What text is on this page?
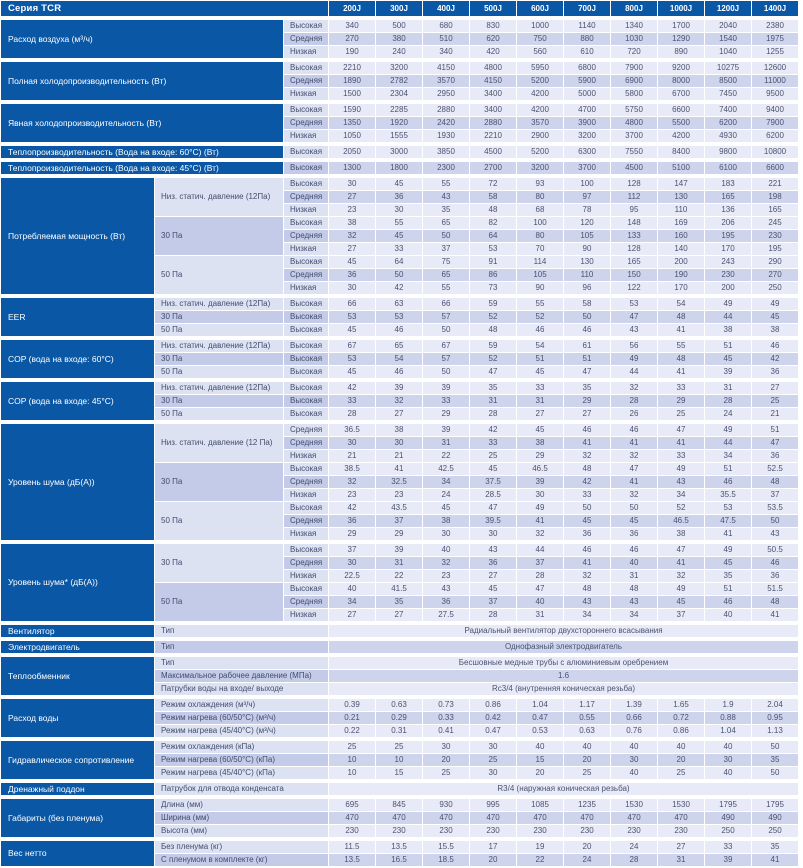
Серия TCR			200J	300J	400J	500J	600J	700J	800J	1000J	1200J	1400J

Расход воздуха (м³/ч)		Высокая	340	500	680	830	1000	1140	1340	1700	2040	2380
		Средняя	270	380	510	620	750	880	1030	1290	1540	1975
		Низкая	190	240	340	420	560	610	720	890	1040	1255

Полная холодопроизводительность (Вт)		Высокая	2210	3200	4150	4800	5950	6800	7900	9200	10275	12600
		Средняя	1890	2782	3570	4150	5200	5900	6900	8000	8500	11000
		Низкая	1500	2304	2950	3400	4200	5000	5800	6700	7450	9500

Явная холодопроизводительность (Вт)		Высокая	1590	2285	2880	3400	4200	4700	5750	6600	7400	9400
		Средняя	1350	1920	2420	2880	3570	3900	4800	5500	6200	7900
		Низкая	1050	1555	1930	2210	2900	3200	3700	4200	4930	6200

Теплопроизводительность (Вода на входе: 60°С) (Вт)		Высокая	2050	3000	3850	4500	5200	6300	7550	8400	9800	10800

Теплопроизводительность (Вода на входе: 45°С) (Вт)		Высокая	1300	1800	2300	2700	3200	3700	4500	5100	6100	6600

Потребляемая мощность (Вт)	Низ. статич. давление (12Па)	Высокая	30	45	55	72	93	100	128	147	183	221
		Средняя	27	36	43	58	80	97	112	130	165	198
		Низкая	23	30	35	48	68	78	95	110	136	165
	30 Па	Высокая	38	55	65	82	100	120	148	169	206	245
		Средняя	32	45	50	64	80	105	133	160	195	230
		Низкая	27	33	37	53	70	90	128	140	170	195
	50 Па	Высокая	45	64	75	91	114	130	165	200	243	290
		Средняя	36	50	65	86	105	110	150	190	230	270
		Низкая	30	42	55	73	90	96	122	170	200	250

EER	Низ. статич. давление (12Па)	Высокая	66	63	66	59	55	58	53	54	49	49
	30 Па	Высокая	53	53	57	52	52	50	47	48	44	45
	50 Па	Высокая	45	46	50	48	46	46	43	41	38	38

COP (вода на входе: 60°С)	Низ. статич. давление (12Па)	Высокая	67	65	67	59	54	61	56	55	51	46
	30 Па	Высокая	53	54	57	52	51	51	49	48	45	42
	50 Па	Высокая	45	46	50	47	45	47	44	41	39	36

COP (вода на входе: 45°С)	Низ. статич. давление (12Па)	Высокая	42	39	39	35	33	35	32	33	31	27
	30 Па	Высокая	33	32	33	31	31	29	28	29	28	25
	50 Па	Высокая	28	27	29	28	27	27	26	25	24	21

Уровень шума (дБ(А))	Низ. статич. давление (12 Па)	Средняя	36.5	38	39	42	45	46	46	47	49	51
		Средняя	30	30	31	33	38	41	41	41	44	47
		Низкая	21	21	22	25	29	32	32	33	34	36
	30 Па	Высокая	38.5	41	42.5	45	46.5	48	47	49	51	52.5
		Средняя	32	32.5	34	37.5	39	42	41	43	46	48
		Низкая	23	23	24	28.5	30	33	32	34	35.5	37
	50 Па	Высокая	42	43.5	45	47	49	50	50	52	53	53.5
		Средняя	36	37	38	39.5	41	45	45	46.5	47.5	50
		Низкая	29	29	30	30	32	36	36	38	41	43

Уровень шума* (дБ(А))	30 Па	Высокая	37	39	40	43	44	46	46	47	49	50.5
		Средняя	30	31	32	36	37	41	40	41	45	46
		Низкая	22.5	22	23	27	28	32	31	32	35	36
	50 Па	Высокая	40	41.5	43	45	47	48	48	49	51	51.5
		Средняя	34	35	36	37	40	43	43	45	46	48
		Низкая	27	27	27.5	28	31	34	34	37	40	41

Вентилятор	Тип		Радиальный вентилятор двухстороннего всасывания									

Электродвигатель	Тип		Однофазный электродвигатель									

Теплообменник	Тип		Бесшовные медные трубы с алюминиевым оребрением									
	Максимальное рабочее давление (МПа)		1.6									
	Патрубки воды на входе/ выходе		Rc3/4 (внутренняя коническая резьба)									

Расход воды	Режим охлаждения (м³/ч)		0.39	0.63	0.73	0.86	1.04	1.17	1.39	1.65	1.9	2.04
	Режим нагрева (60/50°С) (м³/ч)		0.21	0.29	0.33	0.42	0.47	0.55	0.66	0.72	0.88	0.95
	Режим нагрева (45/40°С) (м³/ч)		0.22	0.31	0.41	0.47	0.53	0.63	0.76	0.86	1.04	1.13

Гидравлическое сопротивление	Режим охлаждения (кПа)		25	25	30	30	40	40	40	40	40	50
	Режим нагрева (60/50°С) (кПа)		10	10	20	25	15	20	30	20	30	35
	Режим нагрева (45/40°С) (кПа)		10	15	25	30	20	25	40	25	40	50

Дренажный поддон	Патрубок для отвода конденсата		R3/4 (наружная коническая резьба)									

Габариты (без пленума)	Длина (мм)		695	845	930	995	1085	1235	1530	1530	1795	1795
	Ширина (мм)		470	470	470	470	470	470	470	470	490	490
	Высота (мм)		230	230	230	230	230	230	230	230	250	250

Вес нетто	Без пленума (кг)		11.5	13.5	15.5	17	19	20	24	27	33	35
	С пленумом в комплекте (кг)		13.5	16.5	18.5	20	22	24	28	31	39	41
